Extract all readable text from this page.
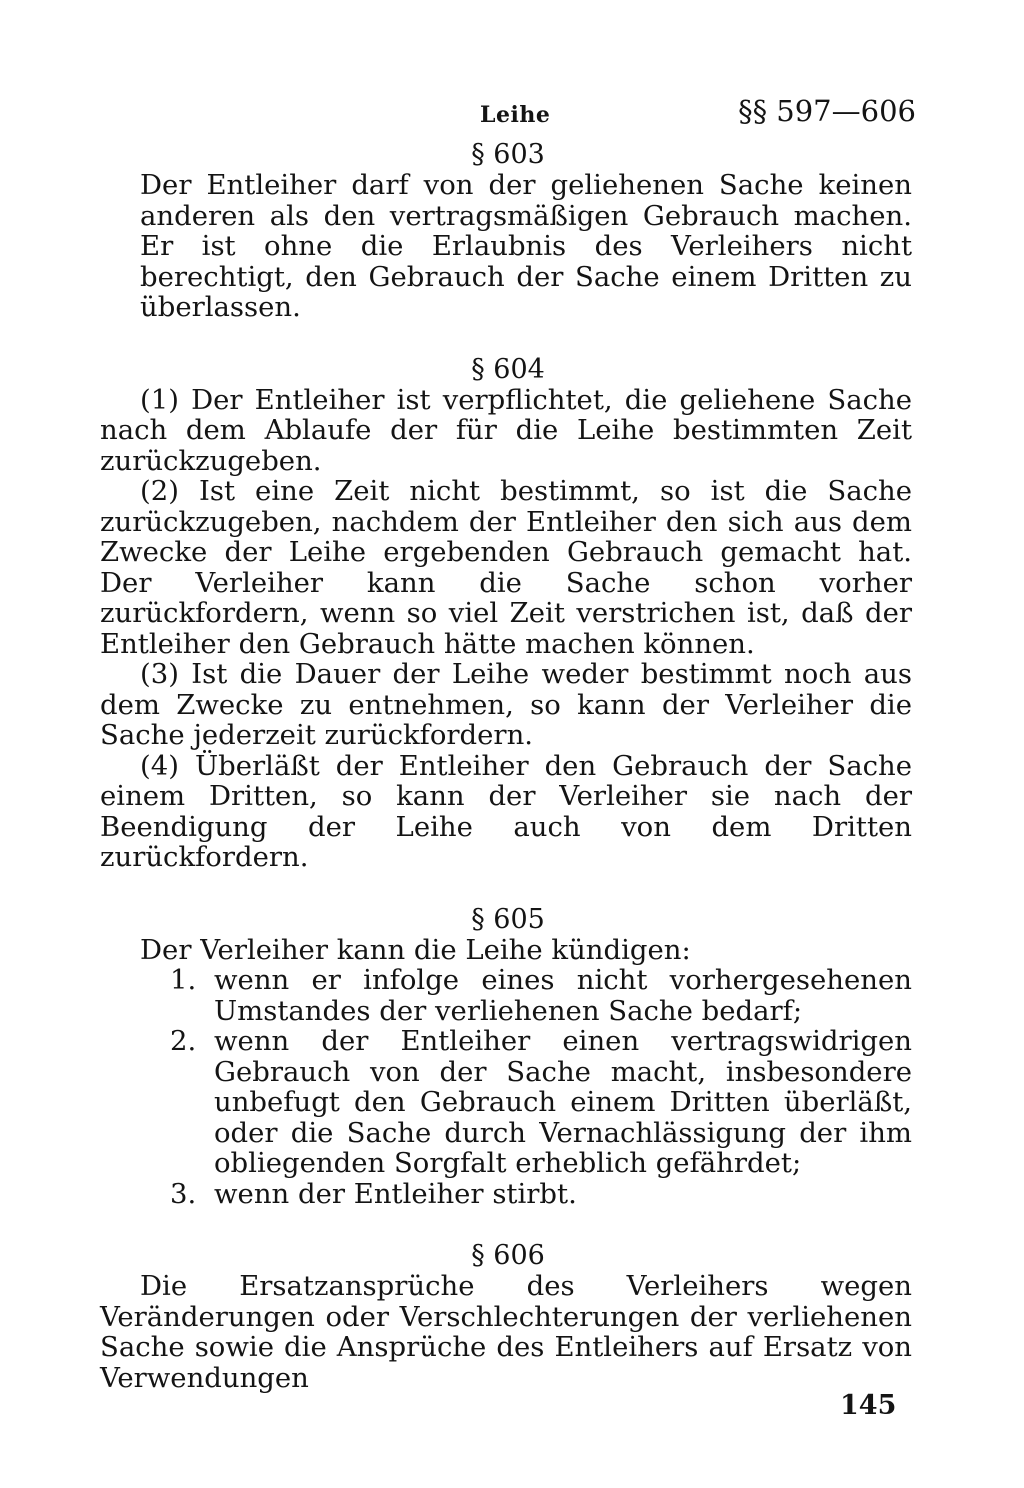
Leihe	§§ 597—606

§ 603

Der Entleiher darf von der geliehenen Sache keinen anderen als den vertragsmäßigen Gebrauch machen. Er ist ohne die Erlaubnis des Verleihers nicht berechtigt, den Gebrauch der Sache einem Dritten zu überlassen.

§ 604

(1) Der Entleiher ist verpflichtet, die geliehene Sache nach dem Ablaufe der für die Leihe bestimmten Zeit zurückzugeben.

(2) Ist eine Zeit nicht bestimmt, so ist die Sache zurückzugeben, nachdem der Entleiher den sich aus dem Zwecke der Leihe ergebenden Gebrauch gemacht hat. Der Verleiher kann die Sache schon vorher zurückfordern, wenn so viel Zeit verstrichen ist, daß der Entleiher den Gebrauch hätte machen können.

(3) Ist die Dauer der Leihe weder bestimmt noch aus dem Zwecke zu entnehmen, so kann der Verleiher die Sache jederzeit zurückfordern.

(4) Überläßt der Entleiher den Gebrauch der Sache einem Dritten, so kann der Verleiher sie nach der Beendigung der Leihe auch von dem Dritten zurückfordern.

§ 605

Der Verleiher kann die Leihe kündigen:

1. wenn er infolge eines nicht vorhergesehenen Umstandes der verliehenen Sache bedarf;
2. wenn der Entleiher einen vertragswidrigen Gebrauch von der Sache macht, insbesondere unbefugt den Gebrauch einem Dritten überläßt, oder die Sache durch Vernachlässigung der ihm obliegenden Sorgfalt erheblich gefährdet;
3. wenn der Entleiher stirbt.

§ 606

Die Ersatzansprüche des Verleihers wegen Veränderungen oder Verschlechterungen der verliehenen Sache sowie die Ansprüche des Entleihers auf Ersatz von Verwendungen

145
